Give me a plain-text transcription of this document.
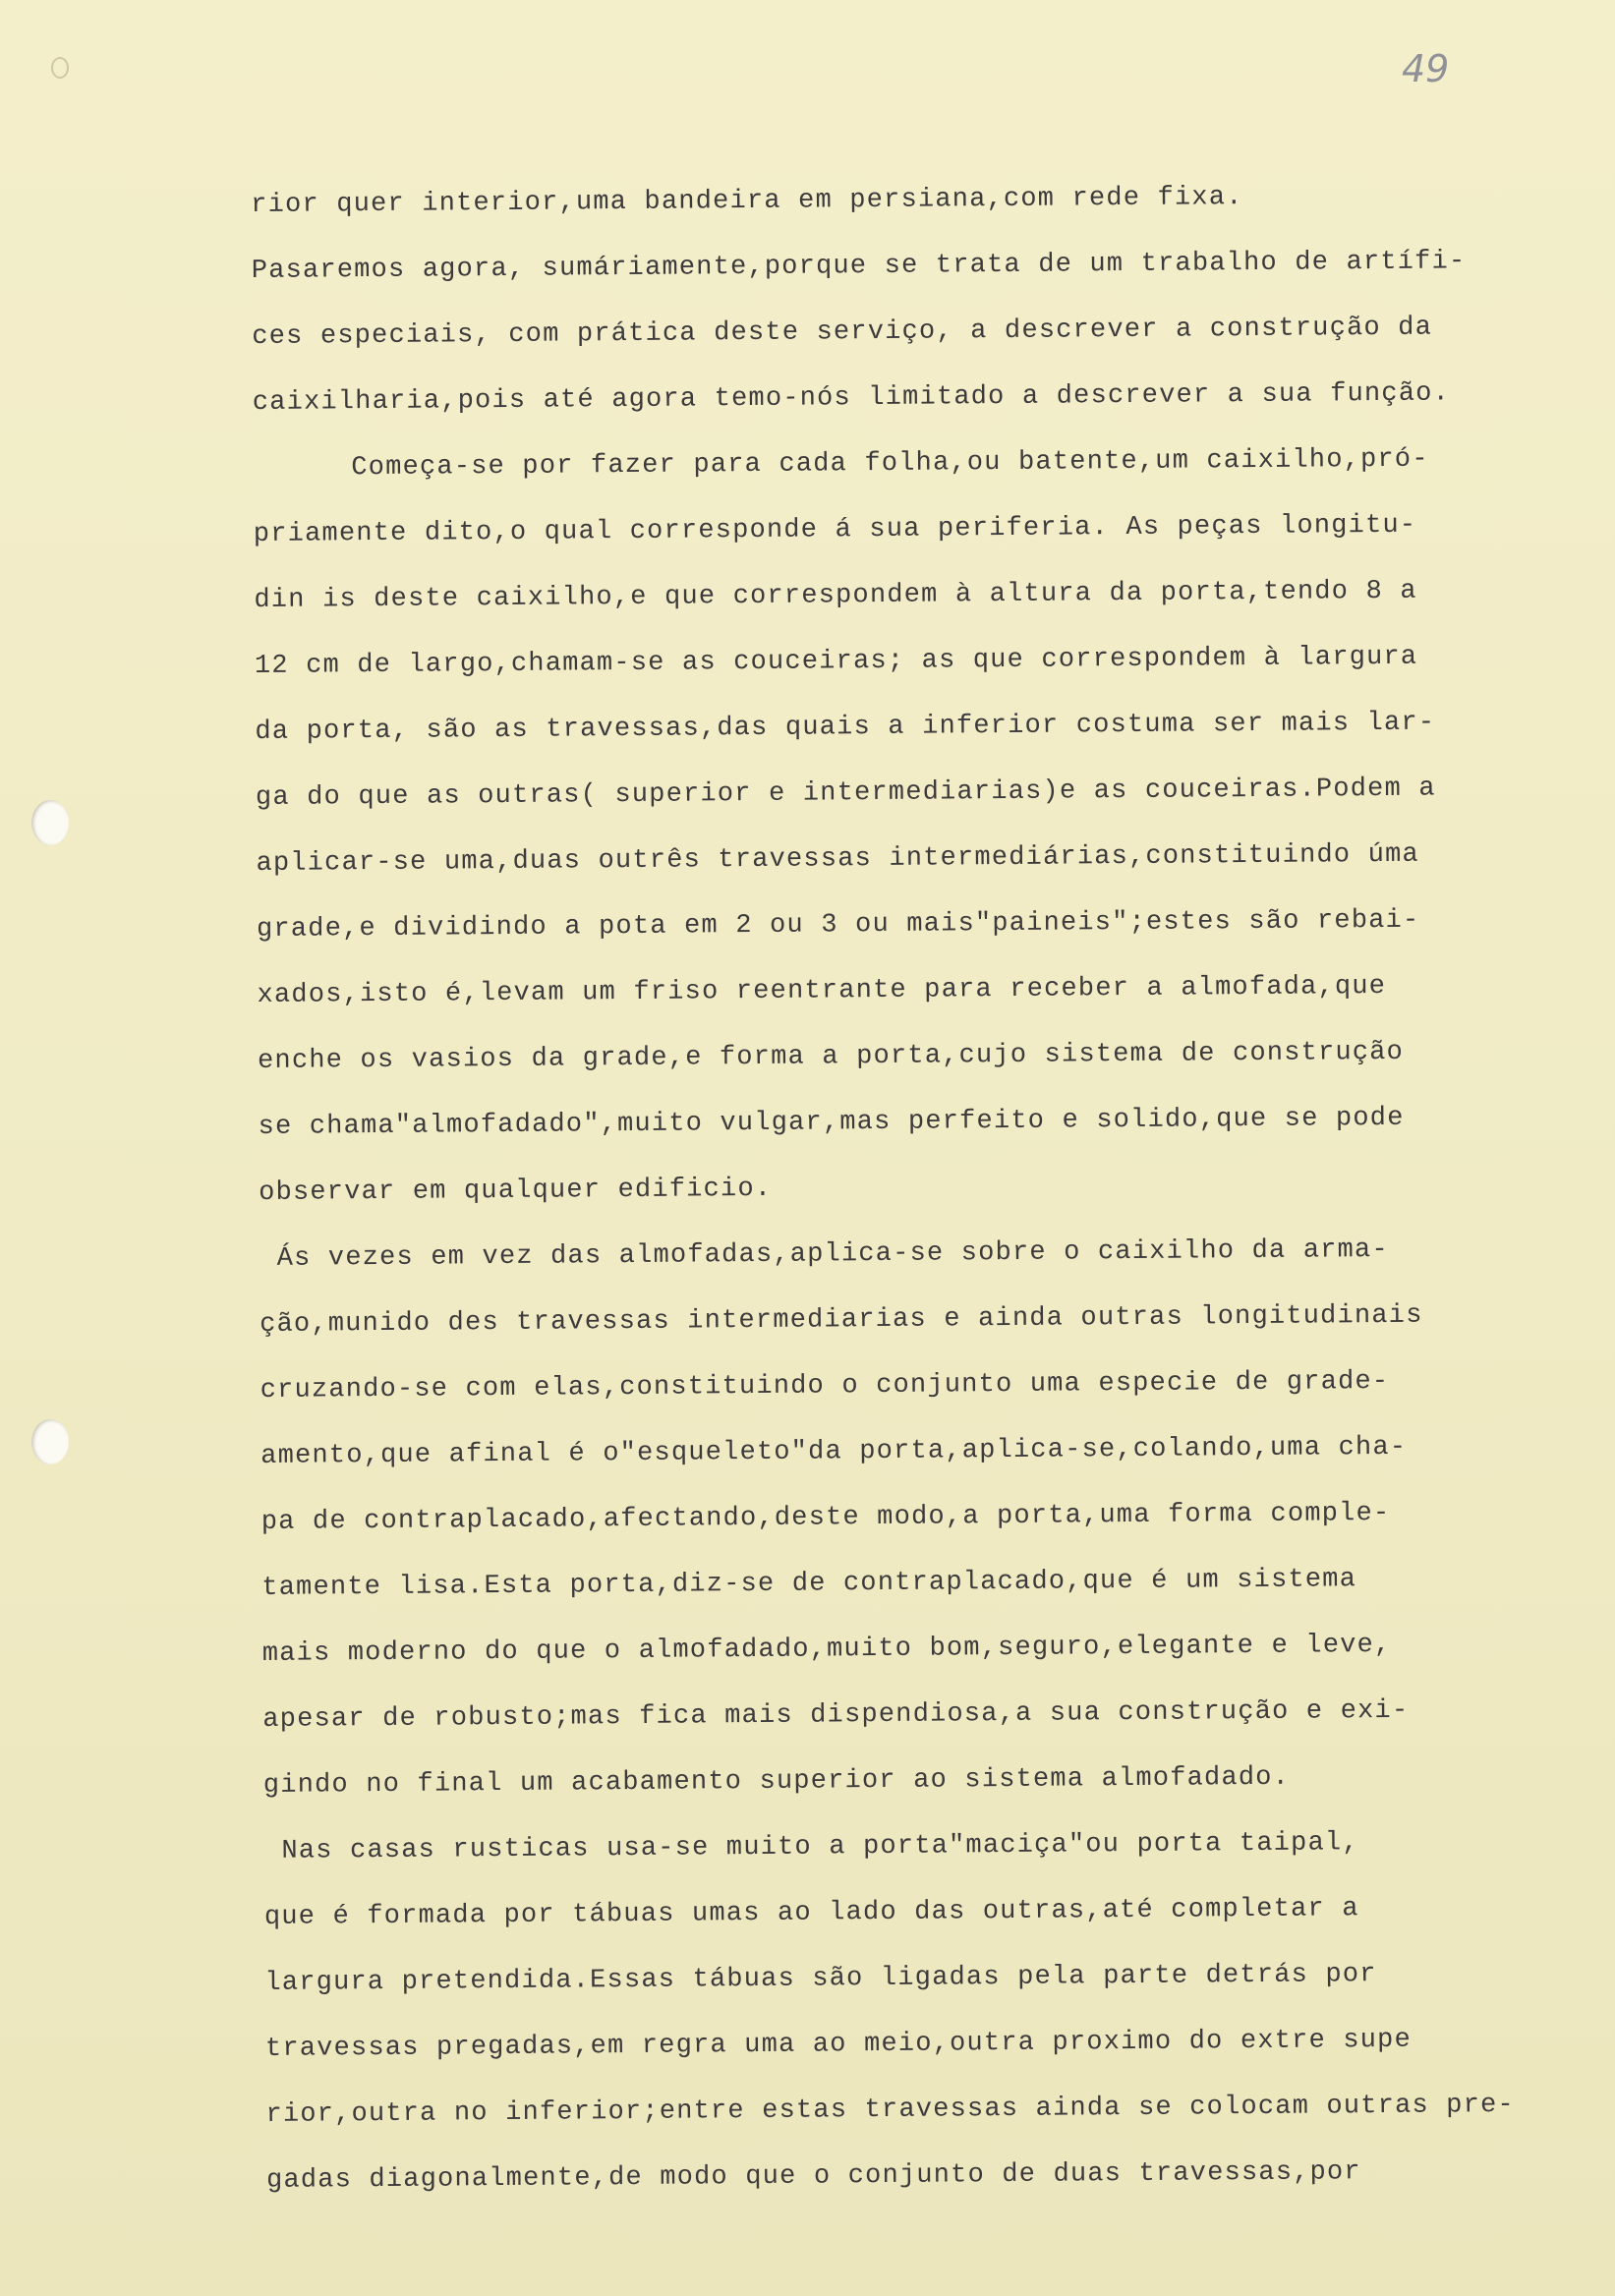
49
rior quer interior,uma bandeira em persiana,com rede fixa.
Pasaremos agora, sumáriamente,porque se trata de um trabalho de artífi-
ces especiais, com prática deste serviço, a descrever a construção da
caixilharia,pois até agora temo-nós limitado a descrever a sua função.
Começa-se por fazer para cada folha,ou batente,um caixilho,pró-
priamente dito,o qual corresponde á sua periferia. As peças longitu-
din is deste caixilho,e que correspondem à altura da porta,tendo 8 a
12 cm de largo,chamam-se as couceiras; as que correspondem à largura
da porta, são as travessas,das quais a inferior costuma ser mais lar-
ga do que as outras( superior e intermediarias)e as couceiras.Podem a
aplicar-se uma,duas outrês travessas intermediárias,constituindo úma
grade,e dividindo a pota em 2 ou 3 ou mais"paineis";estes são rebai-
xados,isto é,levam um friso reentrante para receber a almofada,que
enche os vasios da grade,e forma a porta,cujo sistema de construção
se chama"almofadado",muito vulgar,mas perfeito e solido,que se pode
observar em qualquer edificio.
Ás vezes em vez das almofadas,aplica-se sobre o caixilho da arma-
ção,munido des travessas intermediarias e ainda outras longitudinais
cruzando-se com elas,constituindo o conjunto uma especie de grade-
amento,que afinal é o"esqueleto"da porta,aplica-se,colando,uma cha-
pa de contraplacado,afectando,deste modo,a porta,uma forma comple-
tamente lisa.Esta porta,diz-se de contraplacado,que é um sistema
mais moderno do que o almofadado,muito bom,seguro,elegante e leve,
apesar de robusto;mas fica mais dispendiosa,a sua construção e exi-
gindo no final um acabamento superior ao sistema almofadado.
Nas casas rusticas usa-se muito a porta"maciça"ou porta taipal,
que é formada por tábuas umas ao lado das outras,até completar a
largura pretendida.Essas tábuas são ligadas pela parte detrás por
travessas pregadas,em regra uma ao meio,outra proximo do extre supe
rior,outra no inferior;entre estas travessas ainda se colocam outras pre-
gadas diagonalmente,de modo que o conjunto de duas travessas,por
